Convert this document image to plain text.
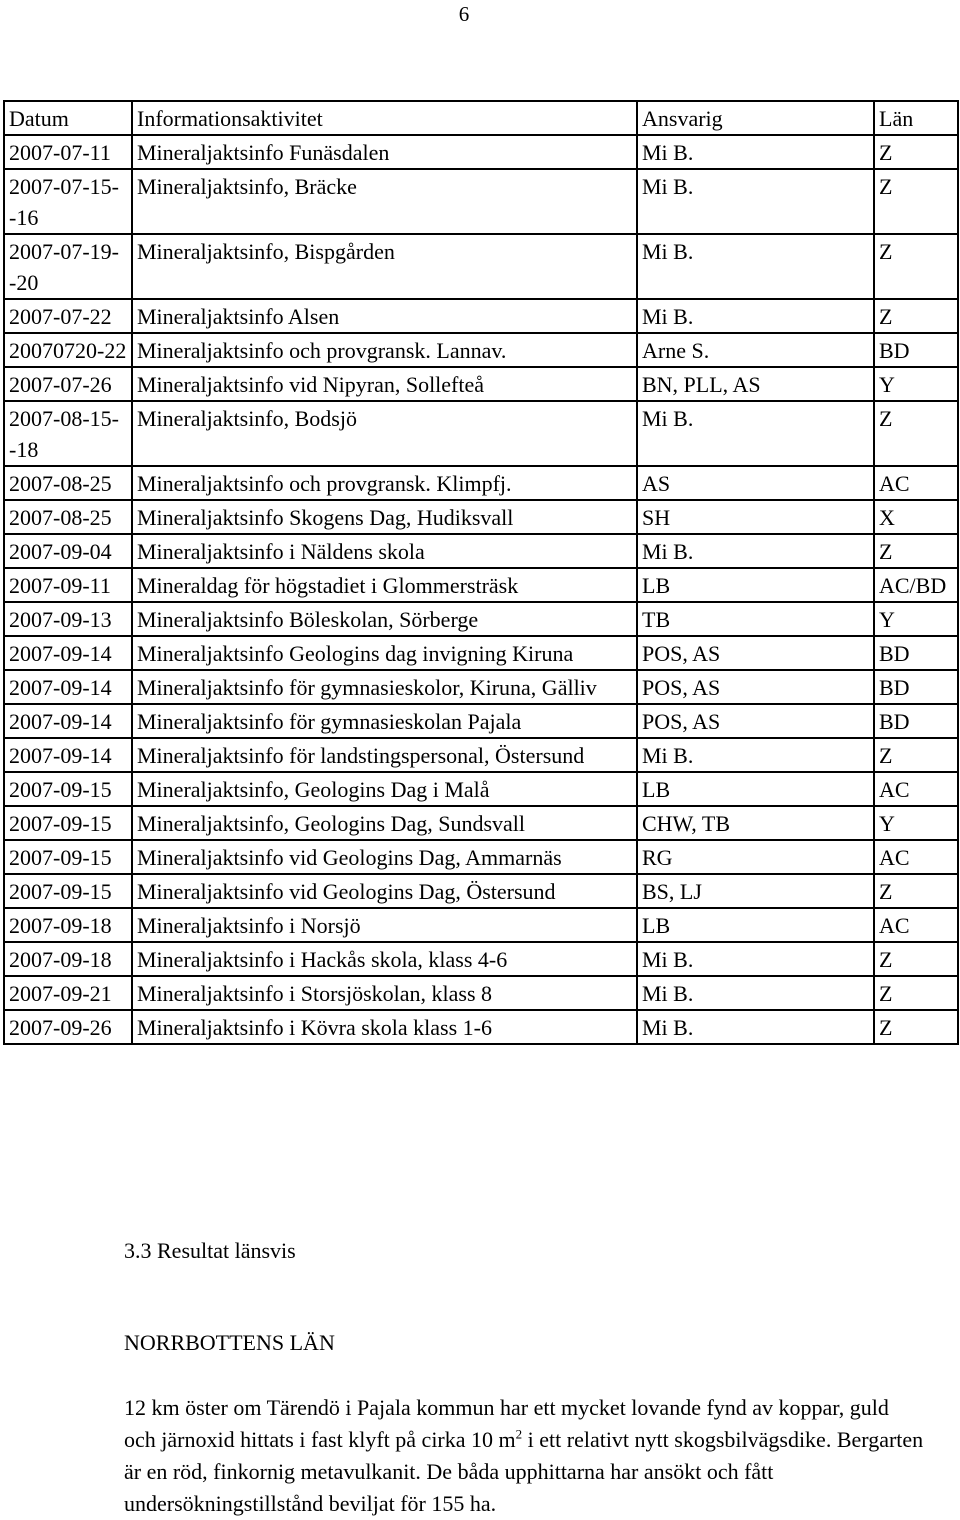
6
Datum	Informationsaktivitet	Ansvarig	Län
2007-07-11	Mineraljaktsinfo Funäsdalen	Mi B.	Z
2007-07-15--16	Mineraljaktsinfo, Bräcke	Mi B.	Z
2007-07-19--20	Mineraljaktsinfo, Bispgården	Mi B.	Z
2007-07-22	Mineraljaktsinfo Alsen	Mi B.	Z
20070720-22	Mineraljaktsinfo och provgransk. Lannav.	Arne S.	BD
2007-07-26	Mineraljaktsinfo vid Nipyran, Sollefteå	BN, PLL, AS	Y
2007-08-15--18	Mineraljaktsinfo, Bodsjö	Mi B.	Z
2007-08-25	Mineraljaktsinfo och provgransk. Klimpfj.	AS	AC
2007-08-25	Mineraljaktsinfo Skogens Dag, Hudiksvall	SH	X
2007-09-04	Mineraljaktsinfo i Näldens skola	Mi B.	Z
2007-09-11	Mineraldag för högstadiet i Glommersträsk	LB	AC/BD
2007-09-13	Mineraljaktsinfo Böleskolan, Sörberge	TB	Y
2007-09-14	Mineraljaktsinfo Geologins dag invigning Kiruna	POS, AS	BD
2007-09-14	Mineraljaktsinfo för gymnasieskolor, Kiruna, Gälliv	POS, AS	BD
2007-09-14	Mineraljaktsinfo för gymnasieskolan Pajala	POS, AS	BD
2007-09-14	Mineraljaktsinfo för landstingspersonal, Östersund	Mi B.	Z
2007-09-15	Mineraljaktsinfo, Geologins Dag i Malå	LB	AC
2007-09-15	Mineraljaktsinfo, Geologins Dag, Sundsvall	CHW, TB	Y
2007-09-15	Mineraljaktsinfo vid Geologins Dag, Ammarnäs	RG	AC
2007-09-15	Mineraljaktsinfo vid Geologins Dag, Östersund	BS, LJ	Z
2007-09-18	Mineraljaktsinfo i Norsjö	LB	AC
2007-09-18	Mineraljaktsinfo i Hackås skola, klass 4-6	Mi B.	Z
2007-09-21	Mineraljaktsinfo i Storsjöskolan, klass 8	Mi B.	Z
2007-09-26	Mineraljaktsinfo i Kövra skola klass 1-6	Mi B.	Z
3.3 Resultat länsvis
NORRBOTTENS LÄN
12 km öster om Tärendö i Pajala kommun har ett mycket lovande fynd av koppar, guld och järnoxid hittats i fast klyft på cirka 10 $m^2$ i ett relativt nytt skogsbilvägsdike. Bergarten är en röd, finkornig metavulkanit. De båda upphittarna har ansökt och fått undersökningstillstånd beviljat för 155 ha.
